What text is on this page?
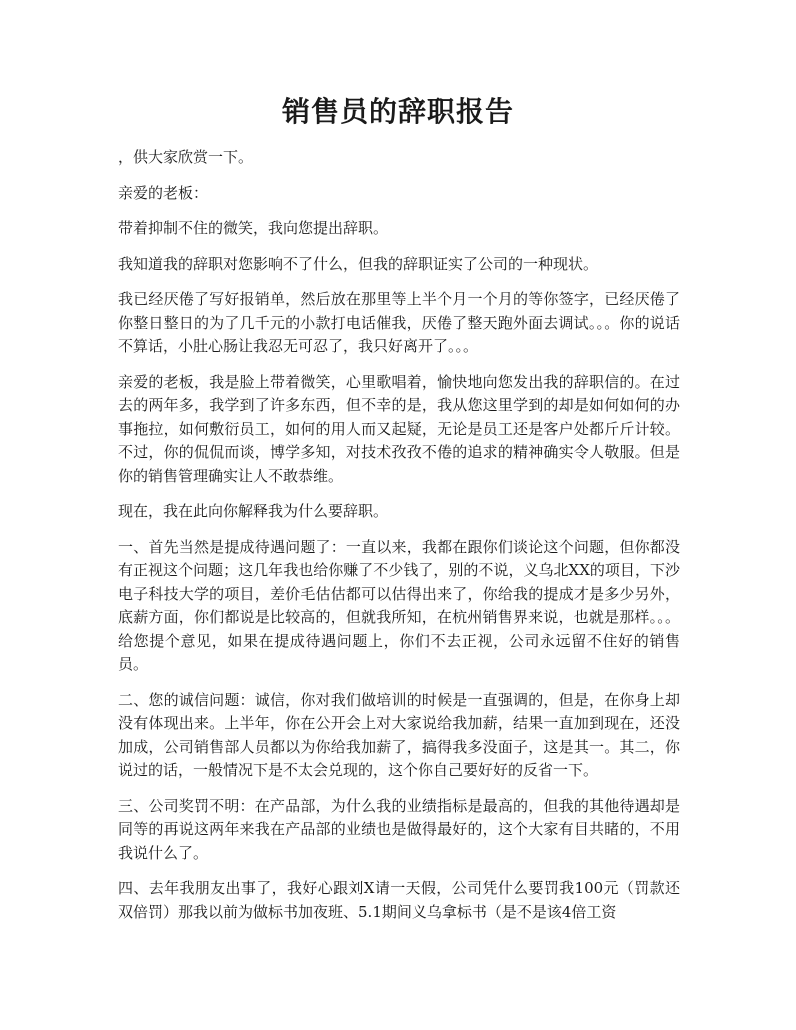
销售员的辞职报告

，供大家欣赏一下。

亲爱的老板：

带着抑制不住的微笑，我向您提出辞职。

我知道我的辞职对您影响不了什么，但我的辞职证实了公司的一种现状。

我已经厌倦了写好报销单，然后放在那里等上半个月一个月的等你签字，已经厌倦了你整日整日的为了几千元的小款打电话催我，厌倦了整天跑外面去调试。。。你的说话不算话，小肚心肠让我忍无可忍了，我只好离开了。。。

亲爱的老板，我是脸上带着微笑，心里歌唱着，愉快地向您发出我的辞职信的。在过去的两年多，我学到了许多东西，但不幸的是，我从您这里学到的却是如何如何的办事拖拉，如何敷衍员工，如何的用人而又起疑，无论是员工还是客户处都斤斤计较。不过，你的侃侃而谈，博学多知，对技术孜孜不倦的追求的精神确实令人敬服。但是你的销售管理确实让人不敢恭维。

现在，我在此向你解释我为什么要辞职。

一、首先当然是提成待遇问题了：一直以来，我都在跟你们谈论这个问题，但你都没有正视这个问题；这几年我也给你赚了不少钱了，别的不说，义乌北XX的项目，下沙电子科技大学的项目，差价毛估估都可以估得出来了，你给我的提成才是多少另外，底薪方面，你们都说是比较高的，但就我所知，在杭州销售界来说，也就是那样。。。给您提个意见，如果在提成待遇问题上，你们不去正视，公司永远留不住好的销售员。

二、您的诚信问题：诚信，你对我们做培训的时候是一直强调的，但是，在你身上却没有体现出来。上半年，你在公开会上对大家说给我加薪，结果一直加到现在，还没加成，公司销售部人员都以为你给我加薪了，搞得我多没面子，这是其一。其二，你说过的话，一般情况下是不太会兑现的，这个你自己要好好的反省一下。

三、公司奖罚不明：在产品部，为什么我的业绩指标是最高的，但我的其他待遇却是同等的再说这两年来我在产品部的业绩也是做得最好的，这个大家有目共睹的，不用我说什么了。

四、去年我朋友出事了，我好心跟刘X请一天假，公司凭什么要罚我100元（罚款还双倍罚）那我以前为做标书加夜班、5.1期间义乌拿标书（是不是该4倍工资
